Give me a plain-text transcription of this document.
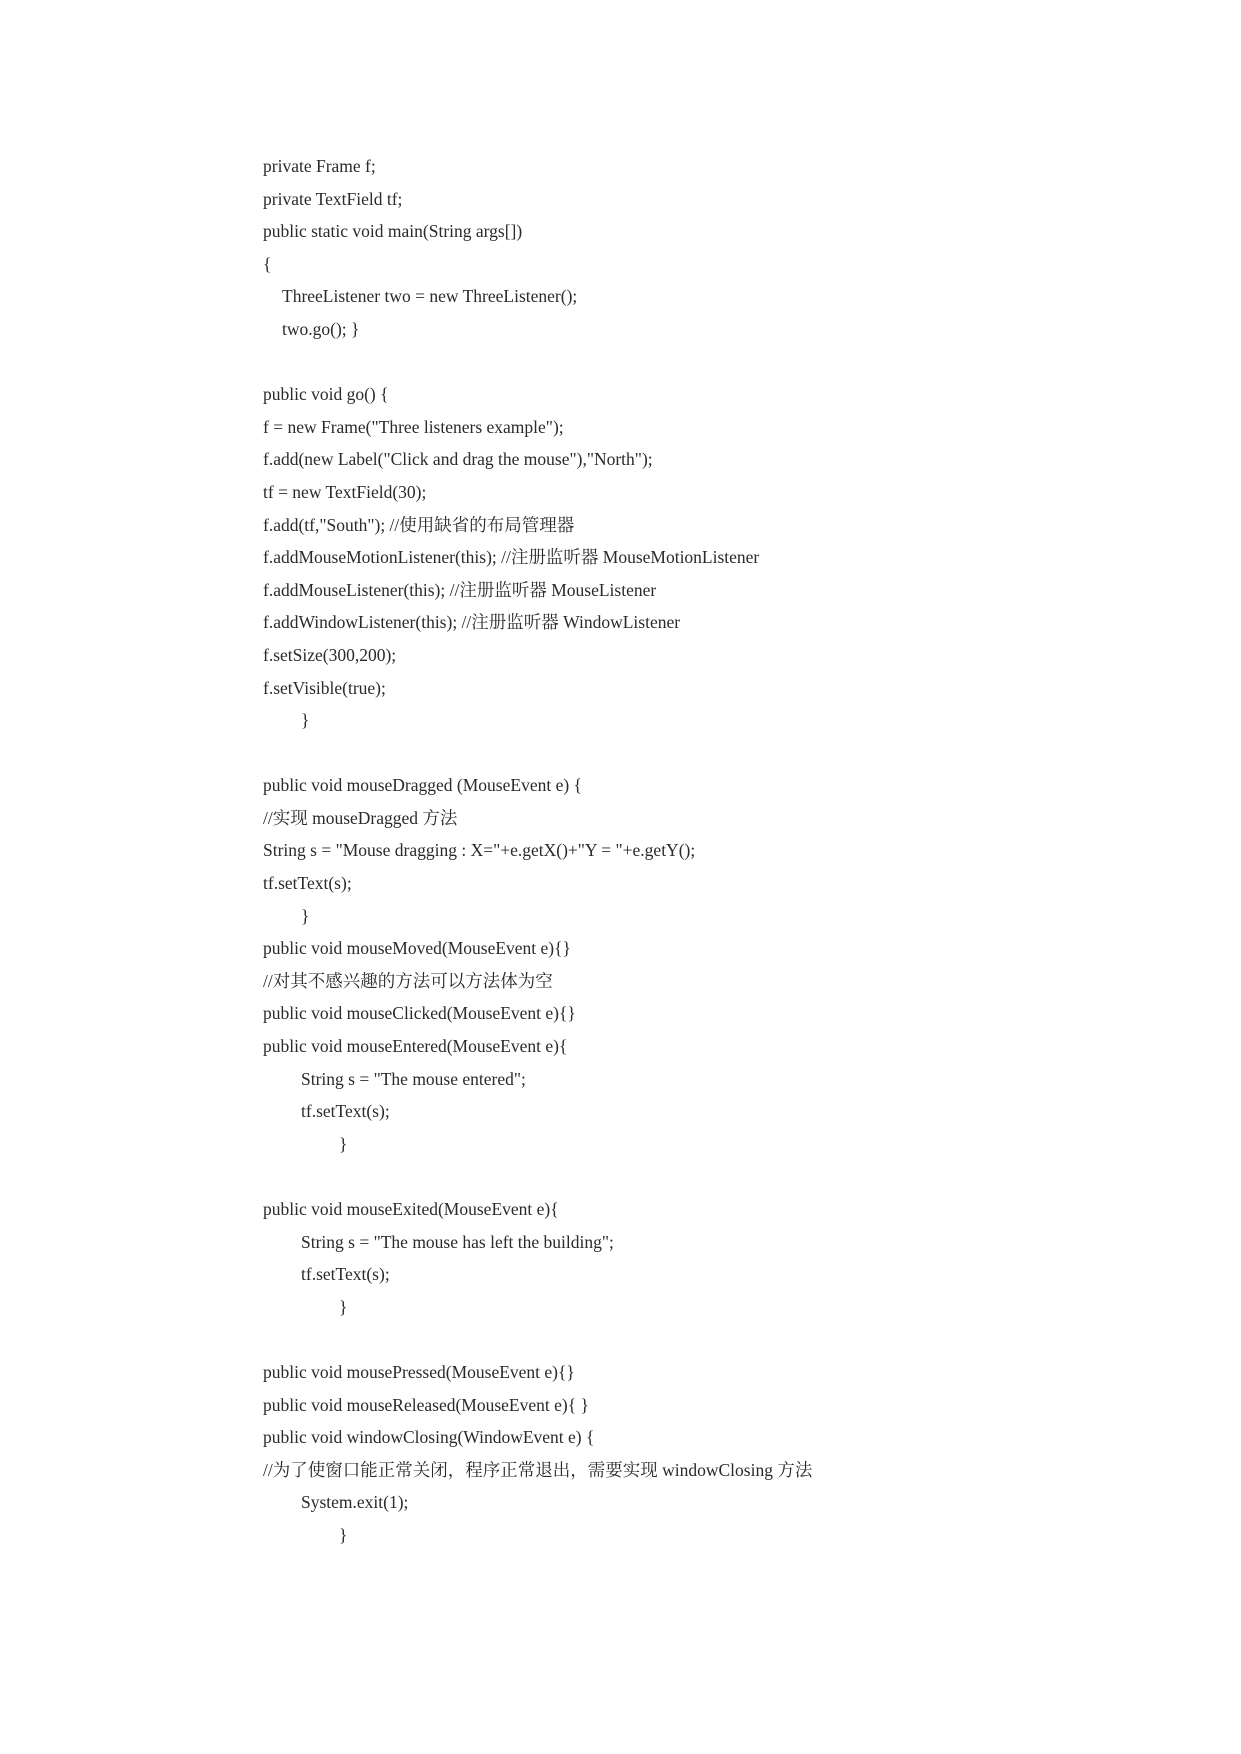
private Frame f;
private TextField tf;
public static void main(String args[])
{
ThreeListener two = new ThreeListener();
two.go(); }
public void go() {
f = new Frame("Three listeners example");
f.add(new Label("Click and drag the mouse"),"North");
tf = new TextField(30);
f.add(tf,"South"); //使用缺省的布局管理器
f.addMouseMotionListener(this); //注册监听器 MouseMotionListener
f.addMouseListener(this); //注册监听器 MouseListener
f.addWindowListener(this); //注册监听器 WindowListener
f.setSize(300,200);
f.setVisible(true);
}
public void mouseDragged (MouseEvent e) {
//实现 mouseDragged 方法
String s = "Mouse dragging : X="+e.getX()+"Y = "+e.getY();
tf.setText(s);
}
public void mouseMoved(MouseEvent e){}
//对其不感兴趣的方法可以方法体为空
public void mouseClicked(MouseEvent e){}
public void mouseEntered(MouseEvent e){
String s = "The mouse entered";
tf.setText(s);
}
public void mouseExited(MouseEvent e){
String s = "The mouse has left the building";
tf.setText(s);
}
public void mousePressed(MouseEvent e){}
public void mouseReleased(MouseEvent e){ }
public void windowClosing(WindowEvent e) {
//为了使窗口能正常关闭，程序正常退出，需要实现 windowClosing 方法
System.exit(1);
}
